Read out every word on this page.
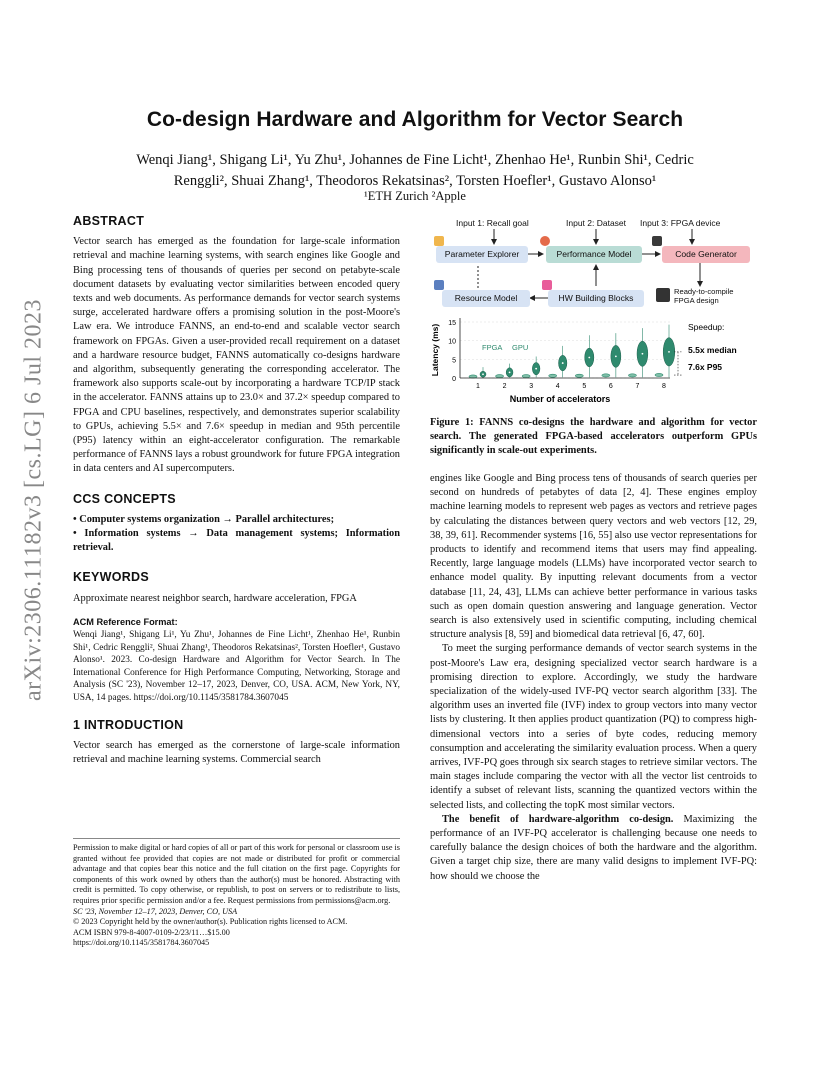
arXiv:2306.11182v3 [cs.LG] 6 Jul 2023
Co-design Hardware and Algorithm for Vector Search
Wenqi Jiang¹, Shigang Li¹, Yu Zhu¹, Johannes de Fine Licht¹, Zhenhao He¹, Runbin Shi¹, Cedric
Renggli², Shuai Zhang¹, Theodoros Rekatsinas², Torsten Hoefler¹, Gustavo Alonso¹
¹ETH Zurich ²Apple
ABSTRACT

Vector search has emerged as the foundation for large-scale information retrieval and machine learning systems, with search engines like Google and Bing processing tens of thousands of queries per second on petabyte-scale document datasets by evaluating vector similarities between encoded query texts and web documents. As performance demands for vector search systems surge, accelerated hardware offers a promising solution in the post-Moore's Law era. We introduce FANNS, an end-to-end and scalable vector search framework on FPGAs. Given a user-provided recall requirement on a dataset and a hardware resource budget, FANNS automatically co-designs hardware and algorithm, subsequently generating the corresponding accelerator. The framework also supports scale-out by incorporating a hardware TCP/IP stack in the accelerator. FANNS attains up to 23.0× and 37.2× speedup compared to FPGA and CPU baselines, respectively, and demonstrates superior scalability to GPUs, achieving 5.5× and 7.6× speedup in median and 95th percentile (P95) latency within an eight-accelerator configuration. The remarkable performance of FANNS lays a robust groundwork for future FPGA integration in data centers and AI supercomputers.

CCS CONCEPTS

• Computer systems organization → Parallel architectures;

• Information systems → Data management systems; Information retrieval.

KEYWORDS

Approximate nearest neighbor search, hardware acceleration, FPGA

ACM Reference Format:

Wenqi Jiang¹, Shigang Li¹, Yu Zhu¹, Johannes de Fine Licht¹, Zhenhao He¹, Runbin Shi¹, Cedric Renggli², Shuai Zhang¹, Theodoros Rekatsinas², Torsten Hoefler¹, Gustavo Alonso¹. 2023. Co-design Hardware and Algorithm for Vector Search. In The International Conference for High Performance Computing, Networking, Storage and Analysis (SC '23), November 12–17, 2023, Denver, CO, USA. ACM, New York, NY, USA, 14 pages. https://doi.org/10.1145/3581784.3607045

1 INTRODUCTION

Vector search has emerged as the cornerstone of large-scale information retrieval and machine learning systems. Commercial search

Permission to make digital or hard copies of all or part of this work for personal or classroom use is granted without fee provided that copies are not made or distributed for profit or commercial advantage and that copies bear this notice and the full citation on the first page. Copyrights for components of this work owned by others than the author(s) must be honored. Abstracting with credit is permitted. To copy otherwise, or republish, to post on servers or to redistribute to lists, requires prior specific permission and/or a fee. Request permissions from permissions@acm.org.

SC '23, November 12–17, 2023, Denver, CO, USA

© 2023 Copyright held by the owner/author(s). Publication rights licensed to ACM.

ACM ISBN 979-8-4007-0109-2/23/11…$15.00

https://doi.org/10.1145/3581784.3607045

Input 1: Recall goal	Input 2: Dataset Input 3: FPGA device
Parameter Explorer	Performance Model	Code Generator
Resource Model	HW Building Blocks
Ready-to-compile
FPGA design
Latency (ms)
0
5
10
15
1	2	3	4	5	6	7	8
Number of accelerators
FPGA GPU
Speedup:
5.5x median
7.6x P95
Figure 1: FANNS co-designs the hardware and algorithm for vector search. The generated FPGA-based accelerators outperform GPUs significantly in scale-out experiments.

engines like Google and Bing process tens of thousands of search queries per second on hundreds of petabytes of data [2, 4]. These engines employ machine learning models to represent web pages as vectors and retrieve pages by calculating the distances between query vectors and web vectors [12, 29, 38, 39, 61]. Recommender systems [16, 55] also use vector representations for products to identify and recommend items that users may find appealing. Recently, large language models (LLMs) have incorporated vector search to enhance model quality. By inputting relevant documents from a vector database [11, 24, 43], LLMs can achieve better performance in various tasks such as open domain question answering and language generation. Vector search is also extensively used in scientific computing, including chemical structure analysis [8, 59] and biomedical data retrieval [6, 47, 60].

To meet the surging performance demands of vector search systems in the post-Moore's Law era, designing specialized vector search hardware is a promising direction to explore. Accordingly, we study the hardware specialization of the widely-used IVF-PQ vector search algorithm [33]. The algorithm uses an inverted file (IVF) index to group vectors into many vector lists by clustering. It then applies product quantization (PQ) to compress high-dimensional vectors into a series of byte codes, reducing memory consumption and accelerating the similarity evaluation process. When a query arrives, IVF-PQ goes through six search stages to retrieve similar vectors. The main stages include comparing the vector with all the vector list centroids to identify a subset of relevant lists, scanning the quantized vectors within the selected lists, and collecting the topK most similar vectors.

The benefit of hardware-algorithm co-design. Maximizing the performance of an IVF-PQ accelerator is challenging because one needs to carefully balance the design choices of both the hardware and the algorithm. Given a target chip size, there are many valid designs to implement IVF-PQ: how should we choose the
